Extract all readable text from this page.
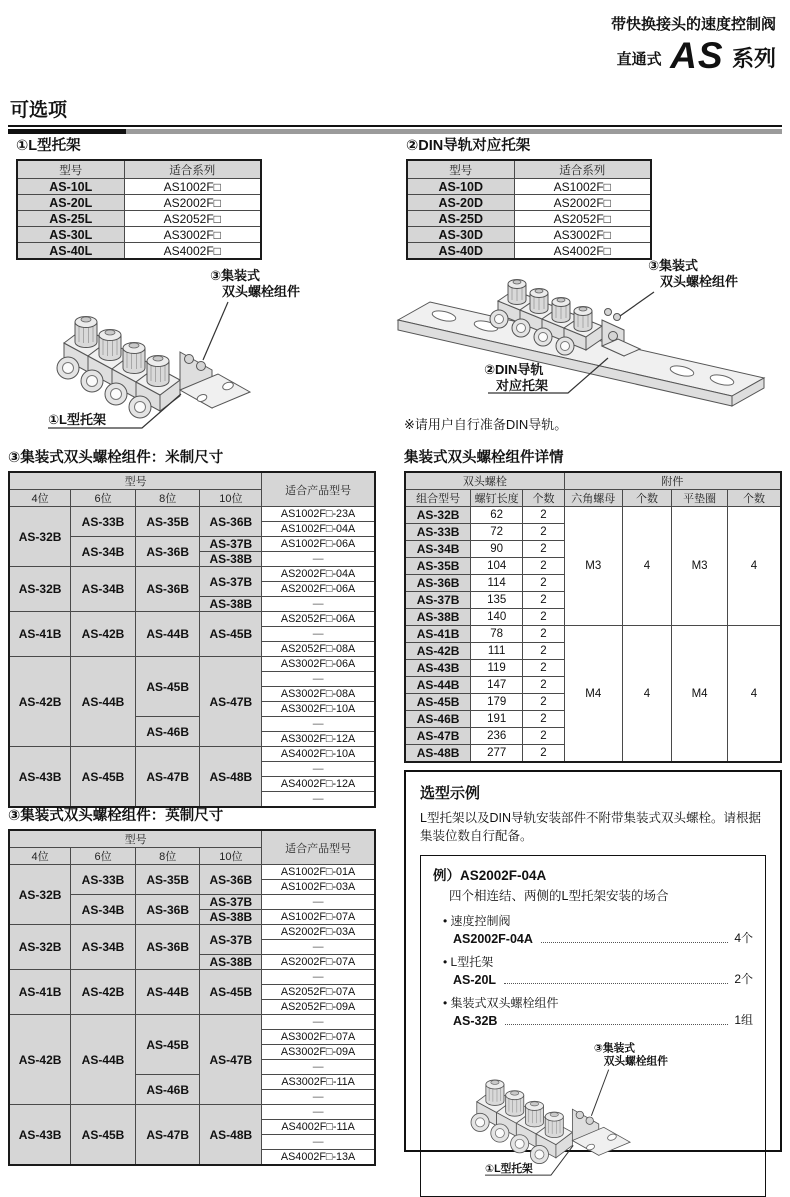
带快换接头的速度控制阀
直通式 AS 系列
可选项

①L型托架

型号	适合系列
AS-10L	AS1002F□
AS-20L	AS2002F□
AS-25L	AS2052F□
AS-30L	AS3002F□
AS-40L	AS4002F□

②DIN导轨对应托架

型号	适合系列
AS-10D	AS1002F□
AS-20D	AS2002F□
AS-25D	AS2052F□
AS-30D	AS3002F□
AS-40D	AS4002F□
③集装式
双头螺栓组件
①L型托架
③集装式
双头螺栓组件
②DIN导轨
对应托架
※请用户自行准备DIN导轨。

③集装式双头螺栓组件：米制尺寸

型号				适合产品型号
4位	6位	8位	10位	
AS-32B	AS-33B	AS-35B	AS-36B	AS1002F□-23A
				AS1002F□-04A
	AS-34B	AS-36B	AS-37B	AS1002F□-06A
			AS-38B	—
AS-32B	AS-34B	AS-36B	AS-37B	AS2002F□-04A
				AS2002F□-06A
			AS-38B	—
AS-41B	AS-42B	AS-44B	AS-45B	AS2052F□-06A
				—
				AS2052F□-08A
AS-42B	AS-44B	AS-45B	AS-47B	AS3002F□-06A
				—
				AS3002F□-08A
				AS3002F□-10A
		AS-46B		—
				AS3002F□-12A
AS-43B	AS-45B	AS-47B	AS-48B	AS4002F□-10A
				—
				AS4002F□-12A
				—

集装式双头螺栓组件详情

双头螺栓			附件			
组合型号	螺钉长度	个数	六角螺母	个数	平垫圈	个数
AS-32B	62	2	M3	4	M3	4
AS-33B	72	2				
AS-34B	90	2				
AS-35B	104	2				
AS-36B	114	2				
AS-37B	135	2				
AS-38B	140	2				
AS-41B	78	2	M4	4	M4	4
AS-42B	111	2				
AS-43B	119	2				
AS-44B	147	2				
AS-45B	179	2				
AS-46B	191	2				
AS-47B	236	2				
AS-48B	277	2				

③集装式双头螺栓组件：英制尺寸

型号				适合产品型号
4位	6位	8位	10位	
AS-32B	AS-33B	AS-35B	AS-36B	AS1002F□-01A
				AS1002F□-03A
	AS-34B	AS-36B	AS-37B	—
			AS-38B	AS1002F□-07A
AS-32B	AS-34B	AS-36B	AS-37B	AS2002F□-03A
				—
			AS-38B	AS2002F□-07A
AS-41B	AS-42B	AS-44B	AS-45B	—
				AS2052F□-07A
				AS2052F□-09A
AS-42B	AS-44B	AS-45B	AS-47B	—
				AS3002F□-07A
				AS3002F□-09A
				—
		AS-46B		AS3002F□-11A
				—
AS-43B	AS-45B	AS-47B	AS-48B	—
				AS4002F□-11A
				—
				AS4002F□-13A

选型示例

L型托架以及DIN导轨安装部件不附带集装式双头螺栓。请根据集装位数自行配备。

例）AS2002F-04A

四个相连结、两侧的L型托架安装的场合

• 速度控制阀
AS2002F-04A	4个
• L型托架
AS-20L	2个
• 集装式双头螺栓组件
AS-32B	1组
③集装式
双头螺栓组件
①L型托架
